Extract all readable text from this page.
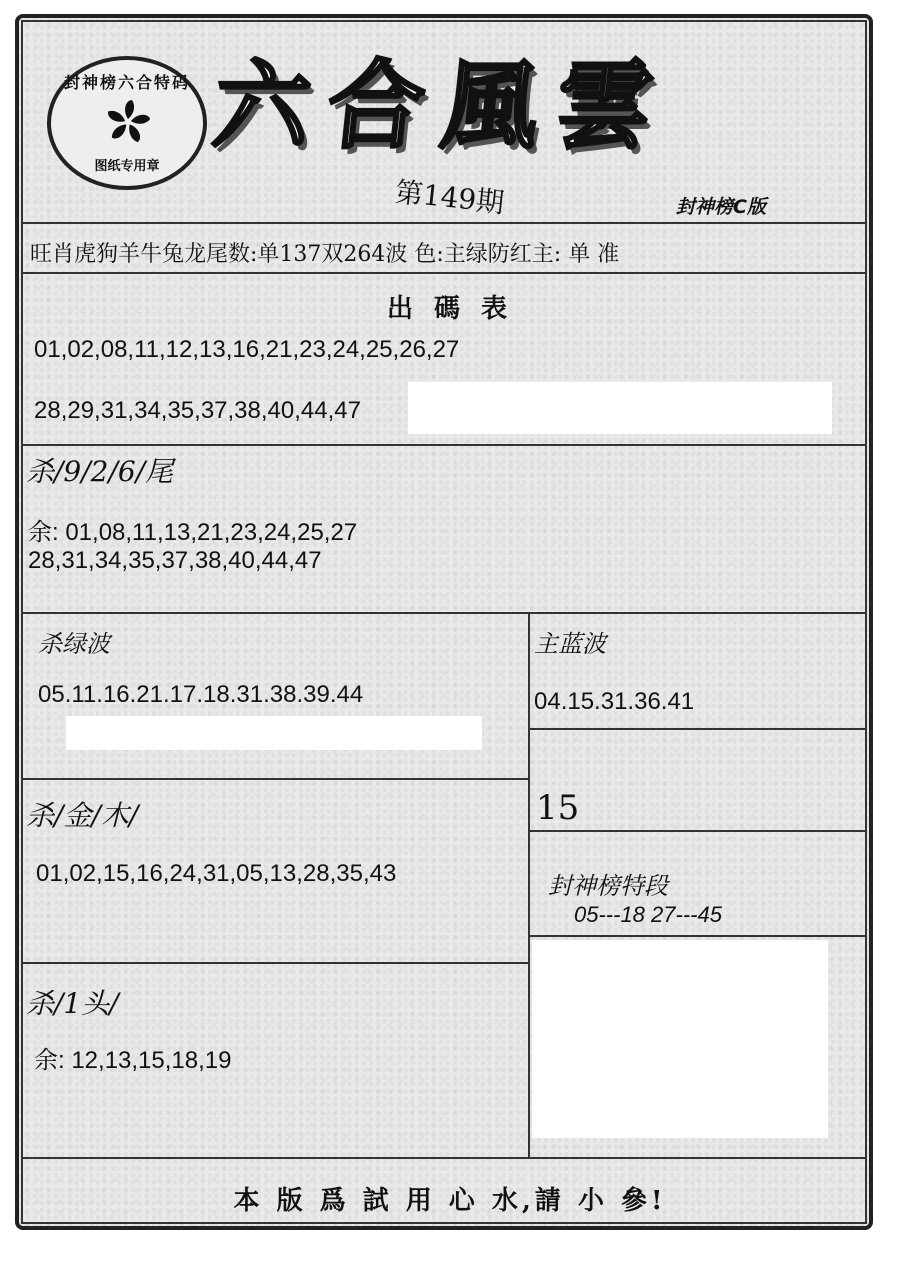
封神榜六合特码
图纸专用章
六合風雲
第149期	封神榜C版
旺肖虎狗羊牛兔龙尾数:单137双264波 色:主绿防红主: 单 准
出 碼 表
01,02,08,11,12,13,16,21,23,24,25,26,27
28,29,31,34,35,37,38,40,44,47
杀/9/2/6/尾
余: 01,08,11,13,21,23,24,25,27
28,31,34,35,37,38,40,44,47
杀绿波
05.11.16.21.17.18.31.38.39.44
主蓝波
04.15.31.36.41
15
杀/金/木/
01,02,15,16,24,31,05,13,28,35,43	封神榜特段
05---18 27---45
杀/1头/
余: 12,13,15,18,19
本 版 爲 試 用 心 水,請 小 參!
